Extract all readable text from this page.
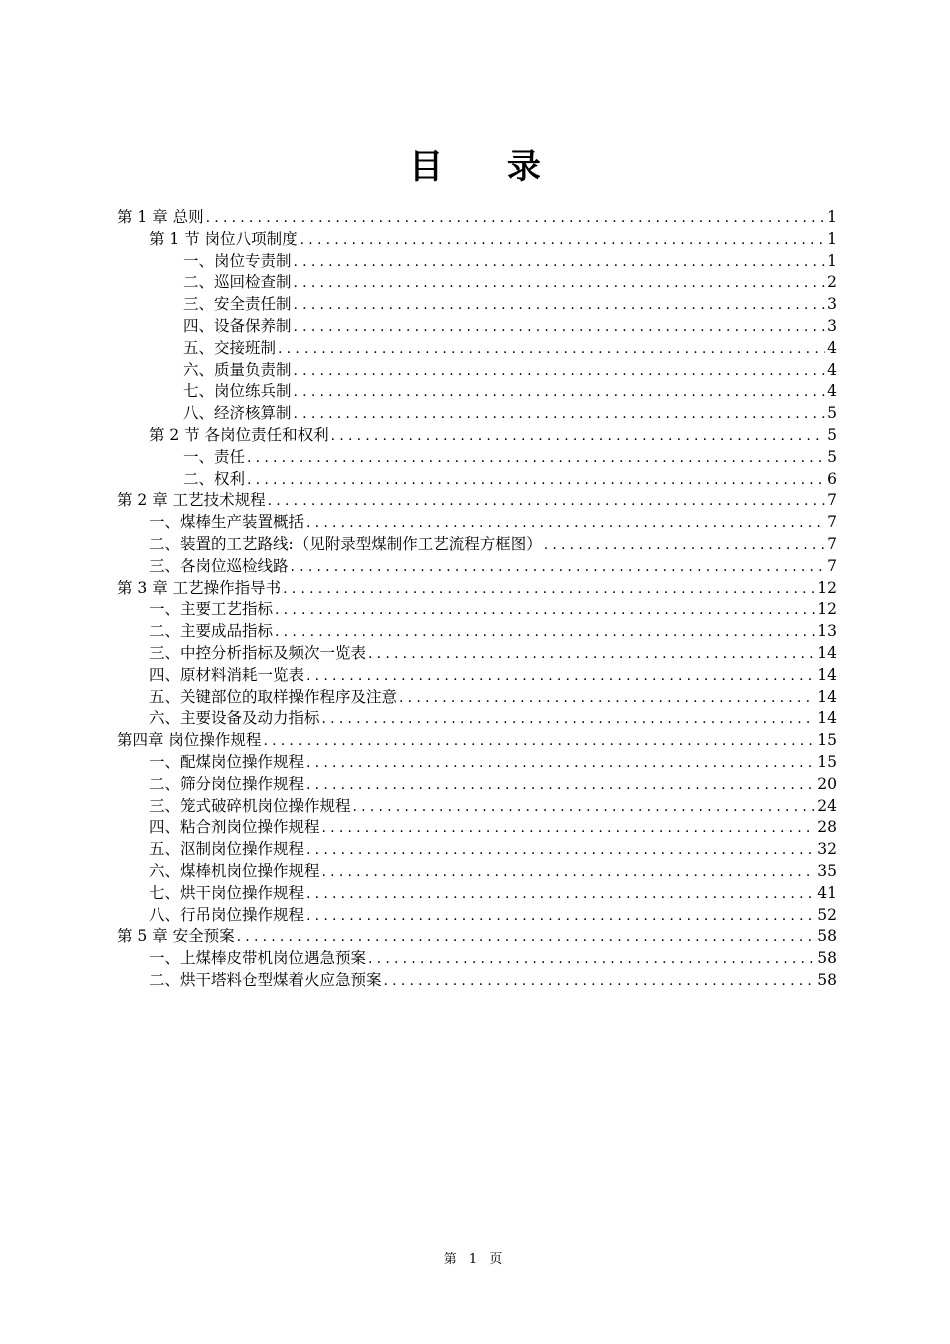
目 录
第 1 章 总则 .....	1
第 1 节 岗位八项制度 .....	1
一、岗位专责制 .....	1
二、巡回检查制 .....	2
三、安全责任制 .....	3
四、设备保养制 .....	3
五、交接班制 .....	4
六、质量负责制 .....	4
七、岗位练兵制 .....	4
八、经济核算制 .....	5
第 2 节 各岗位责任和权利 .....	5
一、责任 .....	5
二、权利 .....	6
第 2 章 工艺技术规程 .....	7
一、煤棒生产装置概括 .....	7
二、装置的工艺路线:（见附录型煤制作工艺流程方框图） .....	7
三、各岗位巡检线路 .....	7
第 3 章 工艺操作指导书 .....	12
一、主要工艺指标 .....	12
二、主要成品指标 .....	13
三、中控分析指标及频次一览表 .....	14
四、原材料消耗一览表 .....	14
五、关键部位的取样操作程序及注意 .....	14
六、主要设备及动力指标 .....	14
第四章 岗位操作规程 .....	15
一、配煤岗位操作规程 .....	15
二、筛分岗位操作规程 .....	20
三、笼式破碎机岗位操作规程 .....	24
四、粘合剂岗位操作规程 .....	28
五、沤制岗位操作规程 .....	32
六、煤棒机岗位操作规程 .....	35
七、烘干岗位操作规程 .....	41
八、行吊岗位操作规程 .....	52
第 5 章 安全预案 .....	58
一、上煤棒皮带机岗位遇急预案 .....	58
二、烘干塔料仓型煤着火应急预案 .....	58
第 1 页
